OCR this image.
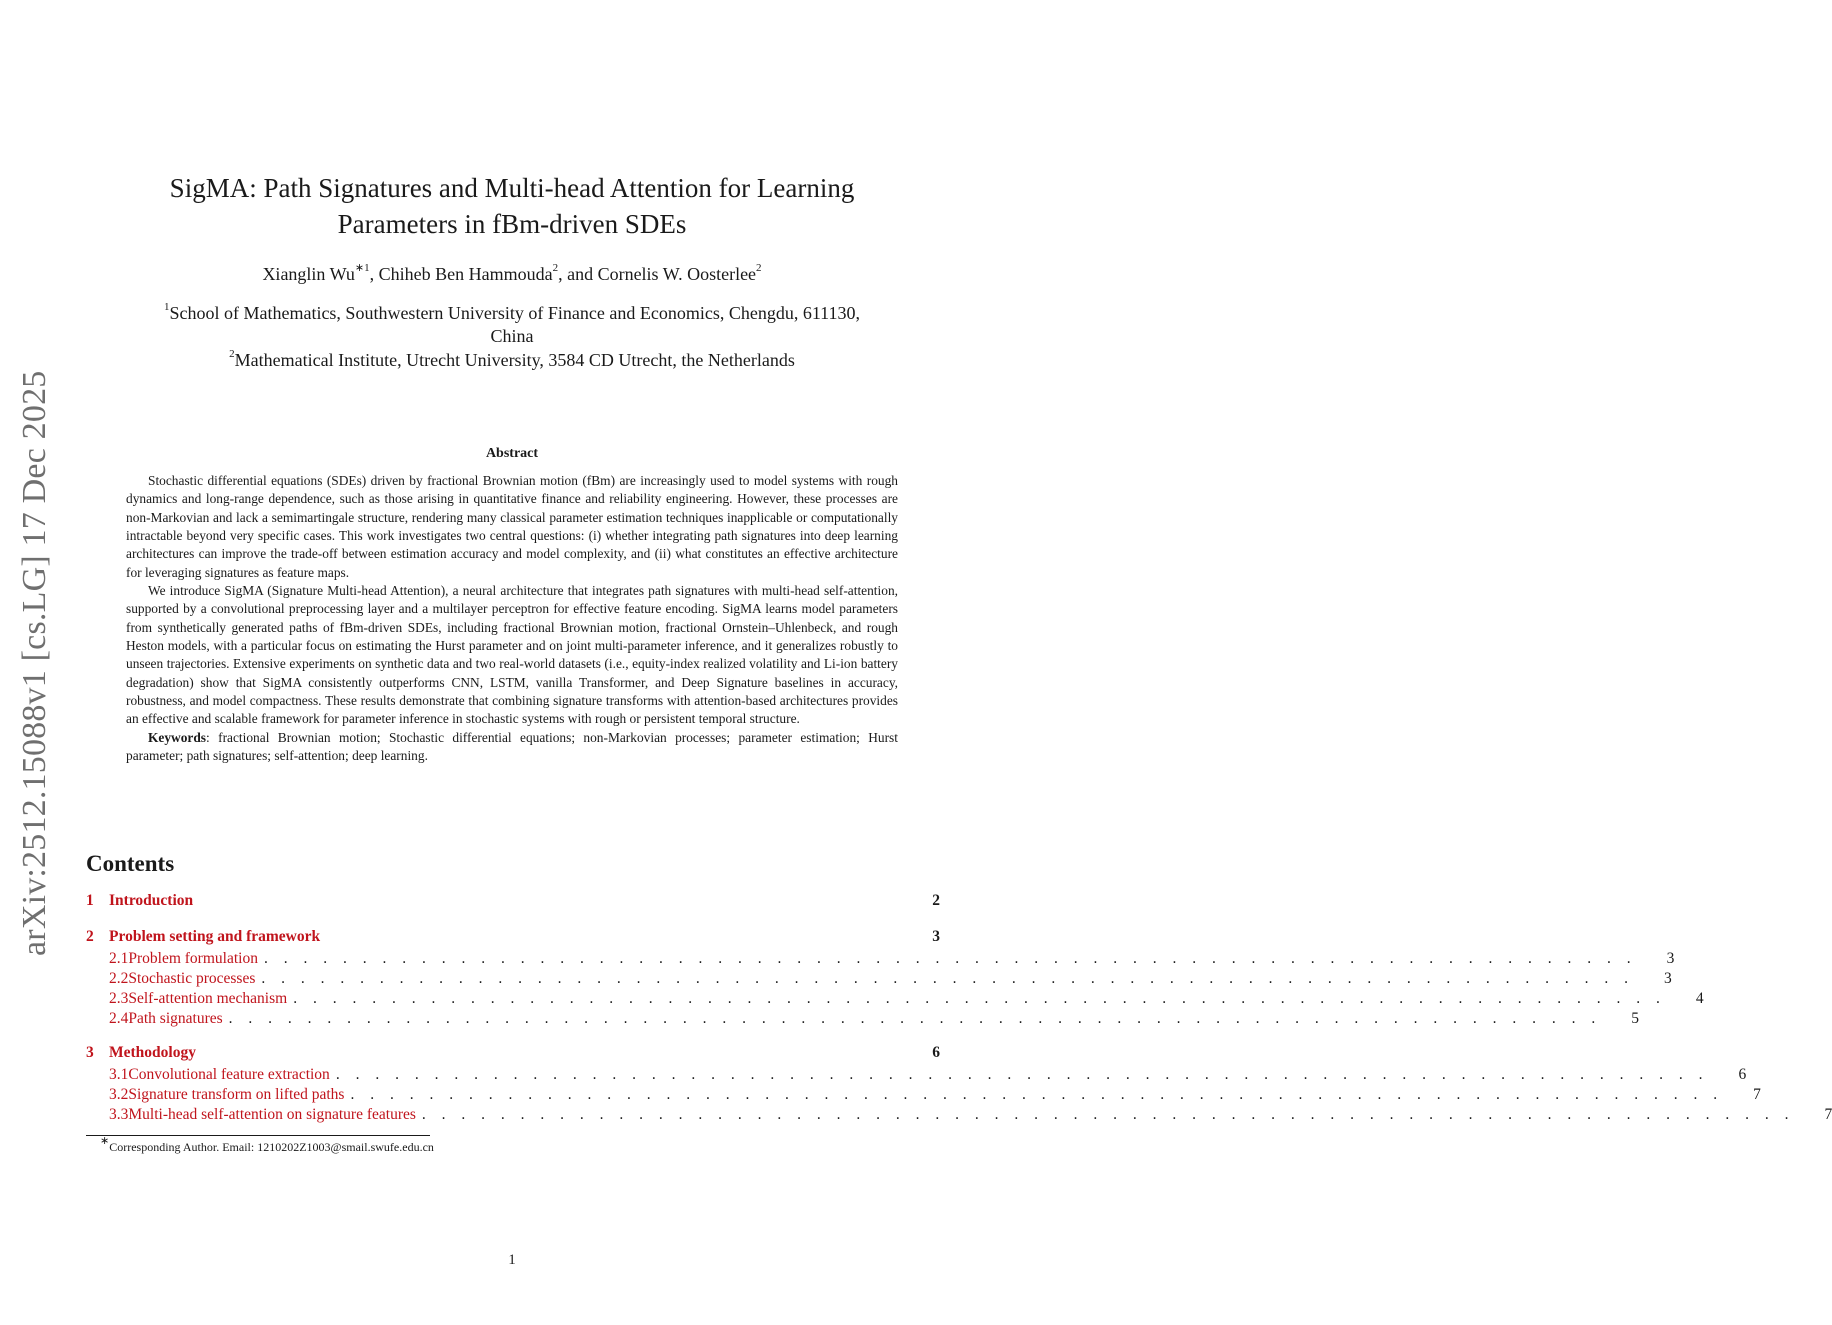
arXiv:2512.15088v1 [cs.LG] 17 Dec 2025
SigMA: Path Signatures and Multi-head Attention for Learning
Parameters in fBm-driven SDEs
Xianglin $Wu^{∗1}$, Chiheb Ben Hammouda$^2$, and Cornelis W. Oosterlee$^2$
$^1$School of Mathematics, Southwestern University of Finance and Economics, Chengdu, 611130,
China
$^2$Mathematical Institute, Utrecht University, 3584 CD Utrecht, the Netherlands
Abstract

Stochastic differential equations (SDEs) driven by fractional Brownian motion (fBm) are increasingly used to model systems with rough dynamics and long-range dependence, such as those arising in quantitative finance and reliability engineering. However, these processes are non-Markovian and lack a semimartingale structure, rendering many classical parameter estimation techniques inapplicable or computationally intractable beyond very specific cases. This work investigates two central questions: (i) whether integrating path signatures into deep learning architectures can improve the trade-off between estimation accuracy and model complexity, and (ii) what constitutes an effective architecture for leveraging signatures as feature maps.

We introduce SigMA (Signature Multi-head Attention), a neural architecture that integrates path signatures with multi-head self-attention, supported by a convolutional preprocessing layer and a multilayer perceptron for effective feature encoding. SigMA learns model parameters from synthetically generated paths of fBm-driven SDEs, including fractional Brownian motion, fractional Ornstein–Uhlenbeck, and rough Heston models, with a particular focus on estimating the Hurst parameter and on joint multi-parameter inference, and it generalizes robustly to unseen trajectories. Extensive experiments on synthetic data and two real-world datasets (i.e., equity-index realized volatility and Li-ion battery degradation) show that SigMA consistently outperforms CNN, LSTM, vanilla Transformer, and Deep Signature baselines in accuracy, robustness, and model compactness. These results demonstrate that combining signature transforms with attention-based architectures provides an effective and scalable framework for parameter inference in stochastic systems with rough or persistent temporal structure.

Keywords: fractional Brownian motion; Stochastic differential equations; non-Markovian processes; parameter estimation; Hurst parameter; path signatures; self-attention; deep learning.

Contents
1 Introduction	2
2 Problem setting and framework	3
2.1 Problem formulation . . . . . . . . . . . . . . . . . . . . . . . . . . . . . . . . . . . . . . . . . . . . . . . . . . . . . . . . . . . . . . . . . . . . . .	3
2.2 Stochastic processes . . . . . . . . . . . . . . . . . . . . . . . . . . . . . . . . . . . . . . . . . . . . . . . . . . . . . . . . . . . . . . . . . . . . . .	3
2.3 Self-attention mechanism . . . . . . . . . . . . . . . . . . . . . . . . . . . . . . . . . . . . . . . . . . . . . . . . . . . . . . . . . . . . . . . . . . . . . .	4
2.4 Path signatures . . . . . . . . . . . . . . . . . . . . . . . . . . . . . . . . . . . . . . . . . . . . . . . . . . . . . . . . . . . . . . . . . . . . . .	5
3 Methodology	6
3.1 Convolutional feature extraction . . . . . . . . . . . . . . . . . . . . . . . . . . . . . . . . . . . . . . . . . . . . . . . . . . . . . . . . . . . . . . . . . . . . . .	6
3.2 Signature transform on lifted paths . . . . . . . . . . . . . . . . . . . . . . . . . . . . . . . . . . . . . . . . . . . . . . . . . . . . . . . . . . . . . . . . . . . . . .	7
3.3 Multi-head self-attention on signature features . . . . . . . . . . . . . . . . . . . . . . . . . . . . . . . . . . . . . . . . . . . . . . . . . . . . . . . . . . . . . . . . . . . . . .	7
∗Corresponding Author. Email: 1210202Z1003@smail.swufe.edu.cn
1
